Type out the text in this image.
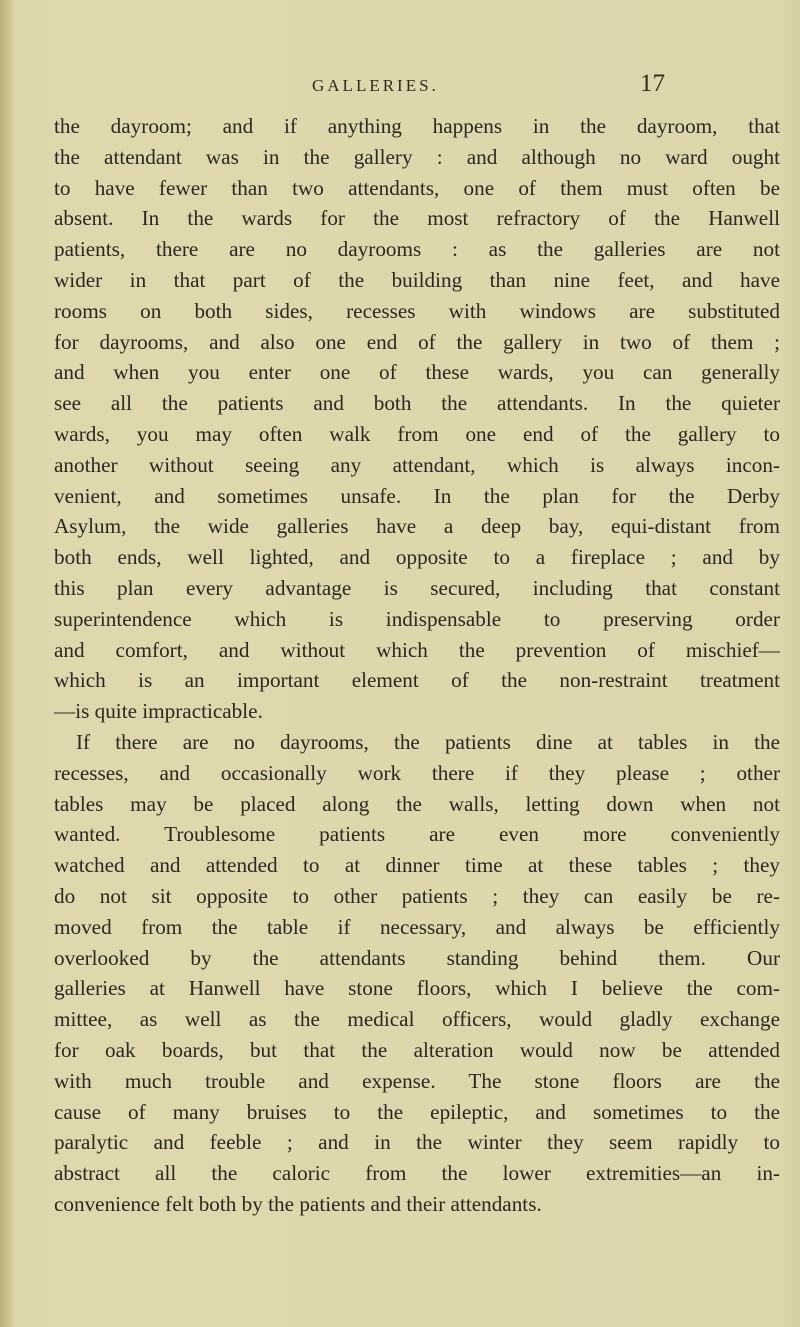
GALLERIES.	17
the dayroom; and if anything happens in the dayroom, that
the attendant was in the gallery : and although no ward ought
to have fewer than two attendants, one of them must often be
absent. In the wards for the most refractory of the Hanwell
patients, there are no dayrooms : as the galleries are not
wider in that part of the building than nine feet, and have
rooms on both sides, recesses with windows are substituted
for dayrooms, and also one end of the gallery in two of them ;
and when you enter one of these wards, you can generally
see all the patients and both the attendants. In the quieter
wards, you may often walk from one end of the gallery to
another without seeing any attendant, which is always incon-
venient, and sometimes unsafe. In the plan for the Derby
Asylum, the wide galleries have a deep bay, equi-distant from
both ends, well lighted, and opposite to a fireplace ; and by
this plan every advantage is secured, including that constant
superintendence which is indispensable to preserving order
and comfort, and without which the prevention of mischief—
which is an important element of the non-restraint treatment
—is quite impracticable.
If there are no dayrooms, the patients dine at tables in the
recesses, and occasionally work there if they please ; other
tables may be placed along the walls, letting down when not
wanted. Troublesome patients are even more conveniently
watched and attended to at dinner time at these tables ; they
do not sit opposite to other patients ; they can easily be re-
moved from the table if necessary, and always be efficiently
overlooked by the attendants standing behind them. Our
galleries at Hanwell have stone floors, which I believe the com-
mittee, as well as the medical officers, would gladly exchange
for oak boards, but that the alteration would now be attended
with much trouble and expense. The stone floors are the
cause of many bruises to the epileptic, and sometimes to the
paralytic and feeble ; and in the winter they seem rapidly to
abstract all the caloric from the lower extremities—an in-
convenience felt both by the patients and their attendants.
